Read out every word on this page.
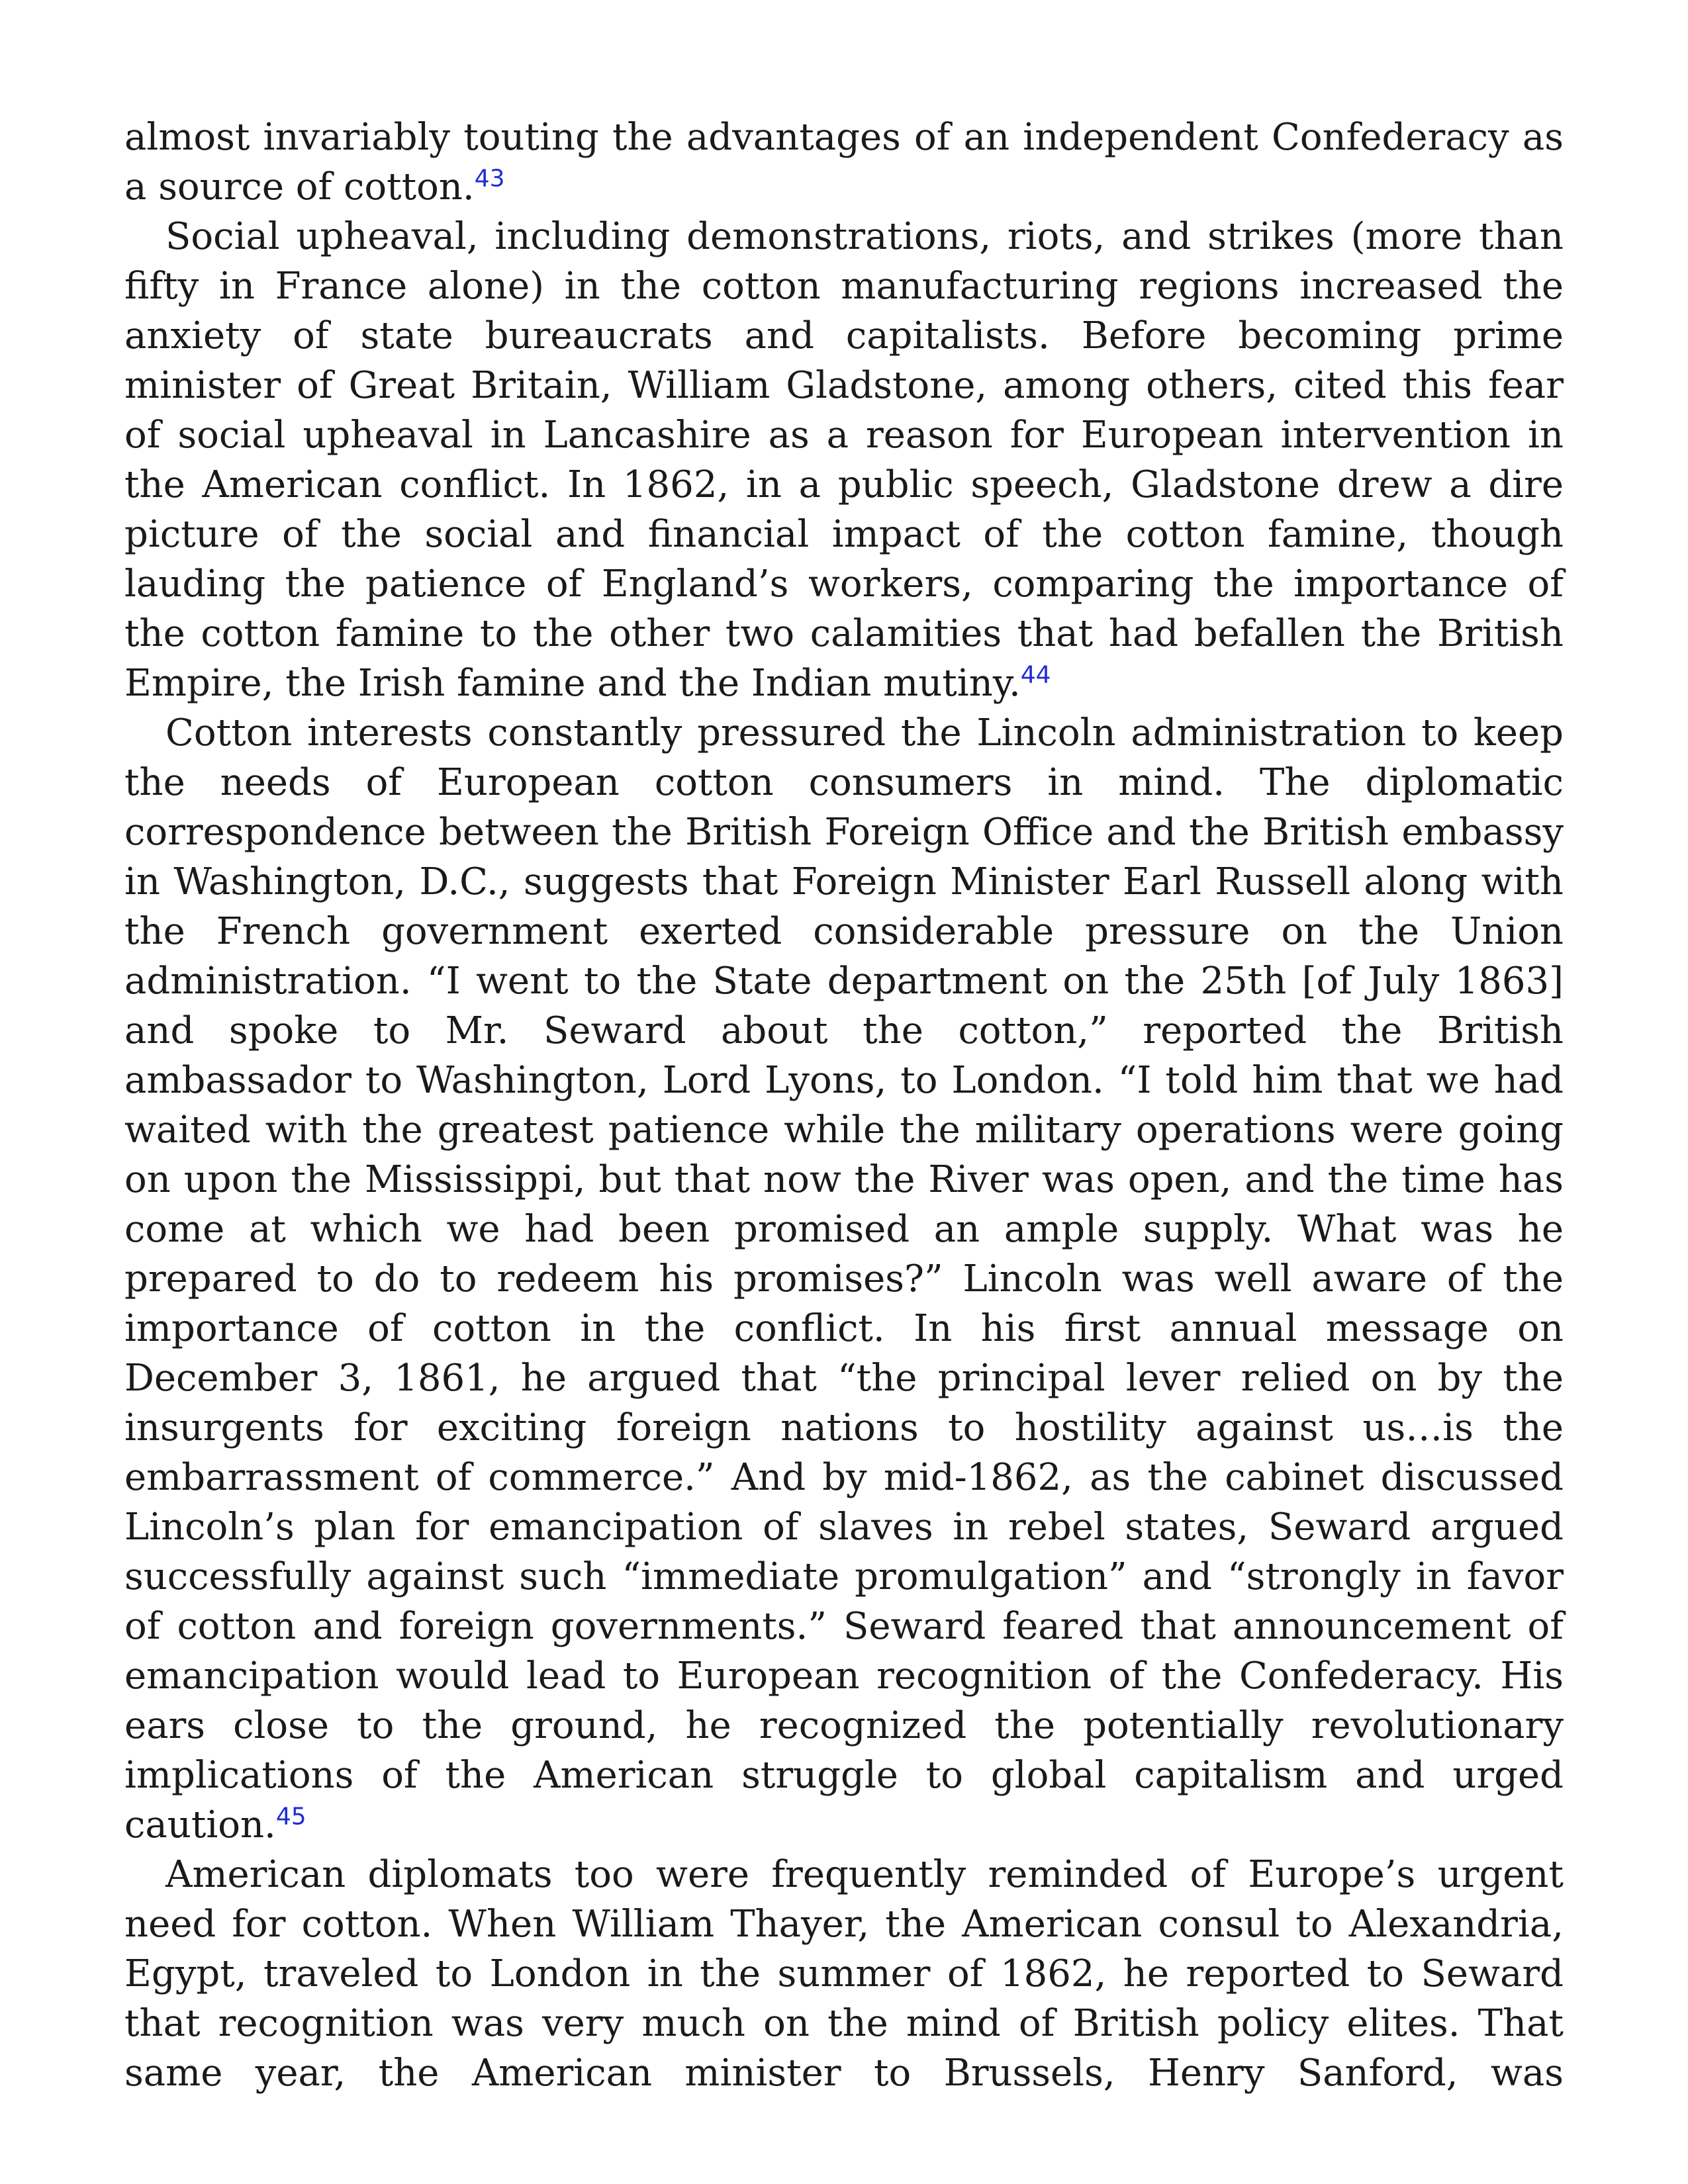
almost invariably touting the advantages of an independent Confederacy as a source of cotton.$^{43}$

Social upheaval, including demonstrations, riots, and strikes (more than fifty in France alone) in the cotton manufacturing regions increased the anxiety of state bureaucrats and capitalists. Before becoming prime minister of Great Britain, William Gladstone, among others, cited this fear of social upheaval in Lancashire as a reason for European intervention in the American conflict. In 1862, in a public speech, Gladstone drew a dire picture of the social and financial impact of the cotton famine, though lauding the patience of England’s workers, comparing the importance of the cotton famine to the other two calamities that had befallen the British Empire, the Irish famine and the Indian mutiny.$^{44}$

Cotton interests constantly pressured the Lincoln administration to keep the needs of European cotton consumers in mind. The diplomatic correspondence between the British Foreign Office and the British embassy in Washington, D.C., suggests that Foreign Minister Earl Russell along with the French government exerted considerable pressure on the Union administration. “I went to the State department on the 25th [of July 1863] and spoke to Mr. Seward about the cotton,” reported the British ambassador to Washington, Lord Lyons, to London. “I told him that we had waited with the greatest patience while the military operations were going on upon the Mississippi, but that now the River was open, and the time has come at which we had been promised an ample supply. What was he prepared to do to redeem his promises?” Lincoln was well aware of the importance of cotton in the conflict. In his first annual message on December 3, 1861, he argued that “the principal lever relied on by the insurgents for exciting foreign nations to hostility against us…is the embarrassment of commerce.” And by mid-1862, as the cabinet discussed Lincoln’s plan for emancipation of slaves in rebel states, Seward argued successfully against such “immediate promulgation” and “strongly in favor of cotton and foreign governments.” Seward feared that announcement of emancipation would lead to European recognition of the Confederacy. His ears close to the ground, he recognized the potentially revolutionary implications of the American struggle to global capitalism and urged caution.$^{45}$

American diplomats too were frequently reminded of Europe’s urgent need for cotton. When William Thayer, the American consul to Alexandria, Egypt, traveled to London in the summer of 1862, he reported to Seward that recognition was very much on the mind of British policy elites. That same year, the American minister to Brussels, Henry Sanford, was
